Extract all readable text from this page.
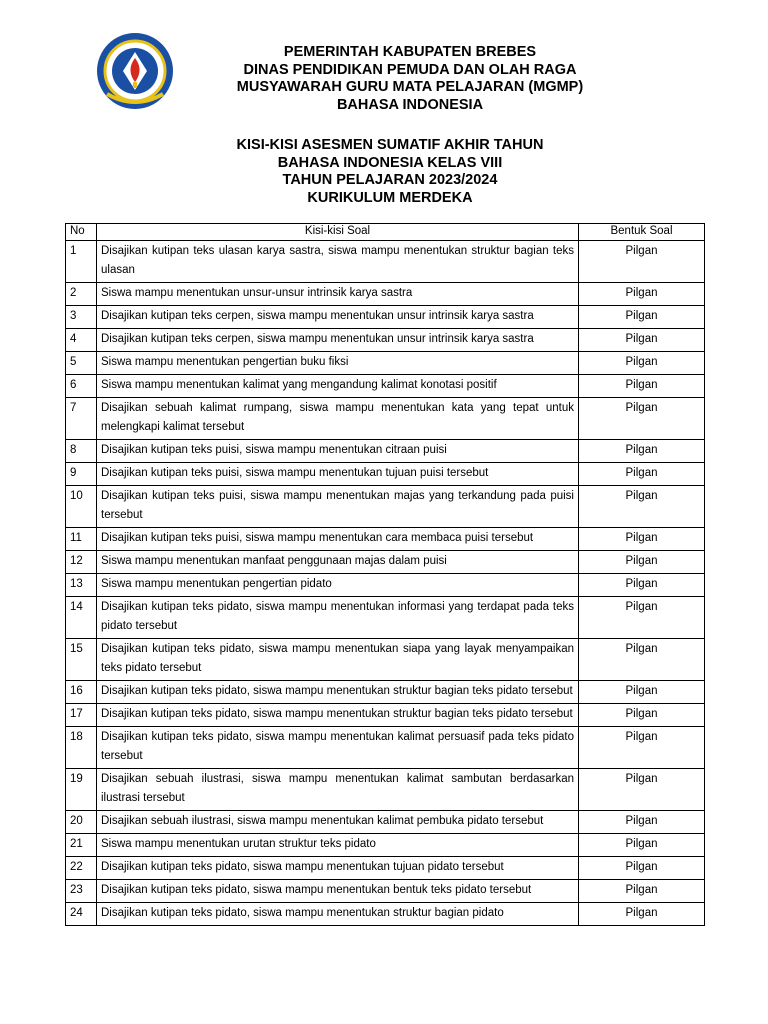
PEMERINTAH KABUPATEN BREBES
DINAS PENDIDIKAN PEMUDA DAN OLAH RAGA
MUSYAWARAH GURU MATA PELAJARAN (MGMP)
BAHASA INDONESIA
KISI-KISI ASESMEN SUMATIF AKHIR TAHUN
BAHASA INDONESIA KELAS VIII
TAHUN PELAJARAN 2023/2024
KURIKULUM MERDEKA
No	Kisi-kisi Soal	Bentuk Soal
1	Disajikan kutipan teks ulasan karya sastra, siswa mampu menentukan struktur bagian teks ulasan	Pilgan
2	Siswa mampu menentukan unsur-unsur intrinsik karya sastra	Pilgan
3	Disajikan kutipan teks cerpen, siswa mampu menentukan unsur intrinsik karya sastra	Pilgan
4	Disajikan kutipan teks cerpen, siswa mampu menentukan unsur intrinsik karya sastra	Pilgan
5	Siswa mampu menentukan pengertian buku fiksi	Pilgan
6	Siswa mampu menentukan kalimat yang mengandung kalimat konotasi positif	Pilgan
7	Disajikan sebuah kalimat rumpang, siswa mampu menentukan kata yang tepat untuk melengkapi kalimat tersebut	Pilgan
8	Disajikan kutipan teks puisi, siswa mampu menentukan citraan puisi	Pilgan
9	Disajikan kutipan teks puisi, siswa mampu menentukan tujuan puisi tersebut	Pilgan
10	Disajikan kutipan teks puisi, siswa mampu menentukan majas yang terkandung pada puisi tersebut	Pilgan
11	Disajikan kutipan teks puisi, siswa mampu menentukan cara membaca puisi tersebut	Pilgan
12	Siswa mampu menentukan manfaat penggunaan majas dalam puisi	Pilgan
13	Siswa mampu menentukan pengertian pidato	Pilgan
14	Disajikan kutipan teks pidato, siswa mampu menentukan informasi yang terdapat pada teks pidato tersebut	Pilgan
15	Disajikan kutipan teks pidato, siswa mampu menentukan siapa yang layak menyampaikan teks pidato tersebut	Pilgan
16	Disajikan kutipan teks pidato, siswa mampu menentukan struktur bagian teks pidato tersebut	Pilgan
17	Disajikan kutipan teks pidato, siswa mampu menentukan struktur bagian teks pidato tersebut	Pilgan
18	Disajikan kutipan teks pidato, siswa mampu menentukan kalimat persuasif pada teks pidato tersebut	Pilgan
19	Disajikan sebuah ilustrasi, siswa mampu menentukan kalimat sambutan berdasarkan ilustrasi tersebut	Pilgan
20	Disajikan sebuah ilustrasi, siswa mampu menentukan kalimat pembuka pidato tersebut	Pilgan
21	Siswa mampu menentukan urutan struktur teks pidato	Pilgan
22	Disajikan kutipan teks pidato, siswa mampu menentukan tujuan pidato tersebut	Pilgan
23	Disajikan kutipan teks pidato, siswa mampu menentukan bentuk teks pidato tersebut	Pilgan
24	Disajikan kutipan teks pidato, siswa mampu menentukan struktur bagian pidato	Pilgan
